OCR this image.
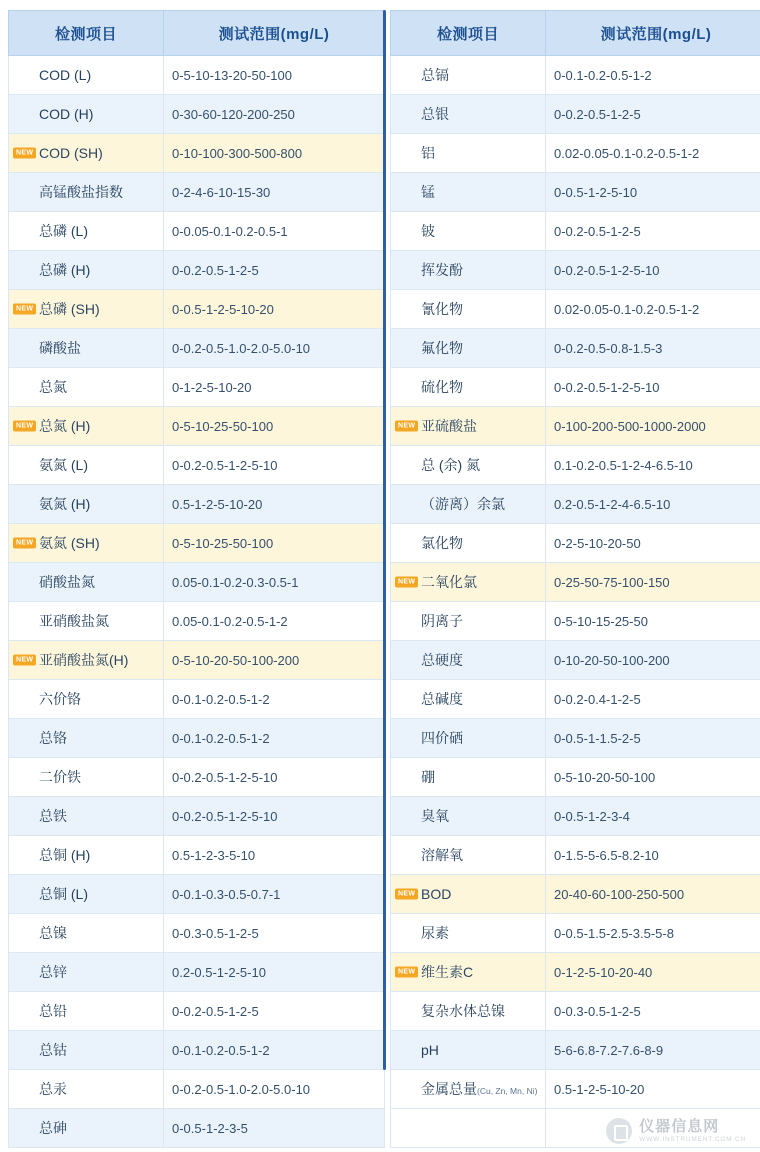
检测项目	测试范围(mg/L)
COD (L)	0-5-10-13-20-50-100
COD (H)	0-30-60-120-200-250

NEW COD (SH)	0-10-100-300-500-800
高锰酸盐指数	0-2-4-6-10-15-30
总磷 (L)	0-0.05-0.1-0.2-0.5-1
总磷 (H)	0-0.2-0.5-1-2-5

NEW 总磷 (SH)	0-0.5-1-2-5-10-20
磷酸盐	0-0.2-0.5-1.0-2.0-5.0-10
总氮	0-1-2-5-10-20

NEW 总氮 (H)	0-5-10-25-50-100
氨氮 (L)	0-0.2-0.5-1-2-5-10
氨氮 (H)	0.5-1-2-5-10-20

NEW 氨氮 (SH)	0-5-10-25-50-100
硝酸盐氮	0.05-0.1-0.2-0.3-0.5-1
亚硝酸盐氮	0.05-0.1-0.2-0.5-1-2

NEW 亚硝酸盐氮(H)	0-5-10-20-50-100-200
六价铬	0-0.1-0.2-0.5-1-2
总铬	0-0.1-0.2-0.5-1-2
二价铁	0-0.2-0.5-1-2-5-10
总铁	0-0.2-0.5-1-2-5-10
总铜 (H)	0.5-1-2-3-5-10
总铜 (L)	0-0.1-0.3-0.5-0.7-1
总镍	0-0.3-0.5-1-2-5
总锌	0.2-0.5-1-2-5-10
总铅	0-0.2-0.5-1-2-5
总钴	0-0.1-0.2-0.5-1-2
总汞	0-0.2-0.5-1.0-2.0-5.0-10
总砷	0-0.5-1-2-3-5
检测项目	测试范围(mg/L)
总镉	0-0.1-0.2-0.5-1-2
总银	0-0.2-0.5-1-2-5
铝	0.02-0.05-0.1-0.2-0.5-1-2
锰	0-0.5-1-2-5-10
铍	0-0.2-0.5-1-2-5
挥发酚	0-0.2-0.5-1-2-5-10
氰化物	0.02-0.05-0.1-0.2-0.5-1-2
氟化物	0-0.2-0.5-0.8-1.5-3
硫化物	0-0.2-0.5-1-2-5-10

NEW 亚硫酸盐	0-100-200-500-1000-2000
总 (余) 氮	0.1-0.2-0.5-1-2-4-6.5-10
（游离）余氯	0.2-0.5-1-2-4-6.5-10
氯化物	0-2-5-10-20-50

NEW 二氧化氯	0-25-50-75-100-150
阴离子	0-5-10-15-25-50
总硬度	0-10-20-50-100-200
总碱度	0-0.2-0.4-1-2-5
四价硒	0-0.5-1-1.5-2-5
硼	0-5-10-20-50-100
臭氧	0-0.5-1-2-3-4
溶解氧	0-1.5-5-6.5-8.2-10

NEW BOD	20-40-60-100-250-500
尿素	0-0.5-1.5-2.5-3.5-5-8

NEW 维生素C	0-1-2-5-10-20-40
复杂水体总镍	0-0.3-0.5-1-2-5
pH	5-6-6.8-7.2-7.6-8-9
金属总量(Cu, Zn, Mn, Ni)	0.5-1-2-5-10-20

仪器信息网
WWW.INSTRUMENT.COM.CN
